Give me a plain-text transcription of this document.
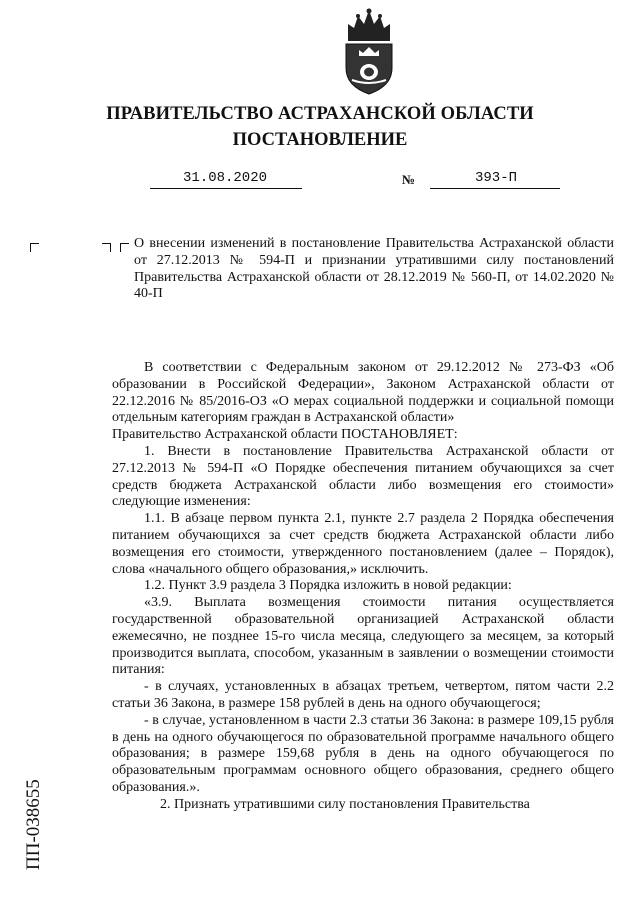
ПРАВИТЕЛЬСТВО АСТРАХАНСКОЙ ОБЛАСТИ
ПОСТАНОВЛЕНИЕ
31.08.2020	№	393-П
О внесении изменений в постановление Правительства Астраханской области от 27.12.2013 № 594-П и признании утратившими силу постановлений Правительства Астраханской области от 28.12.2019 № 560-П, от 14.02.2020 № 40-П

В соответствии с Федеральным законом от 29.12.2012 № 273-ФЗ «Об образовании в Российской Федерации», Законом Астраханской области от 22.12.2016 № 85/2016-ОЗ «О мерах социальной поддержки и социальной помощи отдельным категориям граждан в Астраханской области»

Правительство Астраханской области ПОСТАНОВЛЯЕТ:

1. Внести в постановление Правительства Астраханской области от 27.12.2013 № 594-П «О Порядке обеспечения питанием обучающихся за счет средств бюджета Астраханской области либо возмещения его стоимости» следующие изменения:

1.1. В абзаце первом пункта 2.1, пункте 2.7 раздела 2 Порядка обеспечения питанием обучающихся за счет средств бюджета Астраханской области либо возмещения его стоимости, утвержденного постановлением (далее – Порядок), слова «начального общего образования,» исключить.

1.2. Пункт 3.9 раздела 3 Порядка изложить в новой редакции:

«3.9. Выплата возмещения стоимости питания осуществляется государственной образовательной организацией Астраханской области ежемесячно, не позднее 15-го числа месяца, следующего за месяцем, за который производится выплата, способом, указанным в заявлении о возмещении стоимости питания:

- в случаях, установленных в абзацах третьем, четвертом, пятом части 2.2 статьи 36 Закона, в размере 158 рублей в день на одного обучающегося;

- в случае, установленном в части 2.3 статьи 36 Закона: в размере 109,15 рубля в день на одного обучающегося по образовательной программе начального общего образования; в размере 159,68 рубля в день на одного обучающегося по образовательным программам основного общего образования, среднего общего образования.».

2. Признать утратившими силу постановления Правительства

ПП-038655
